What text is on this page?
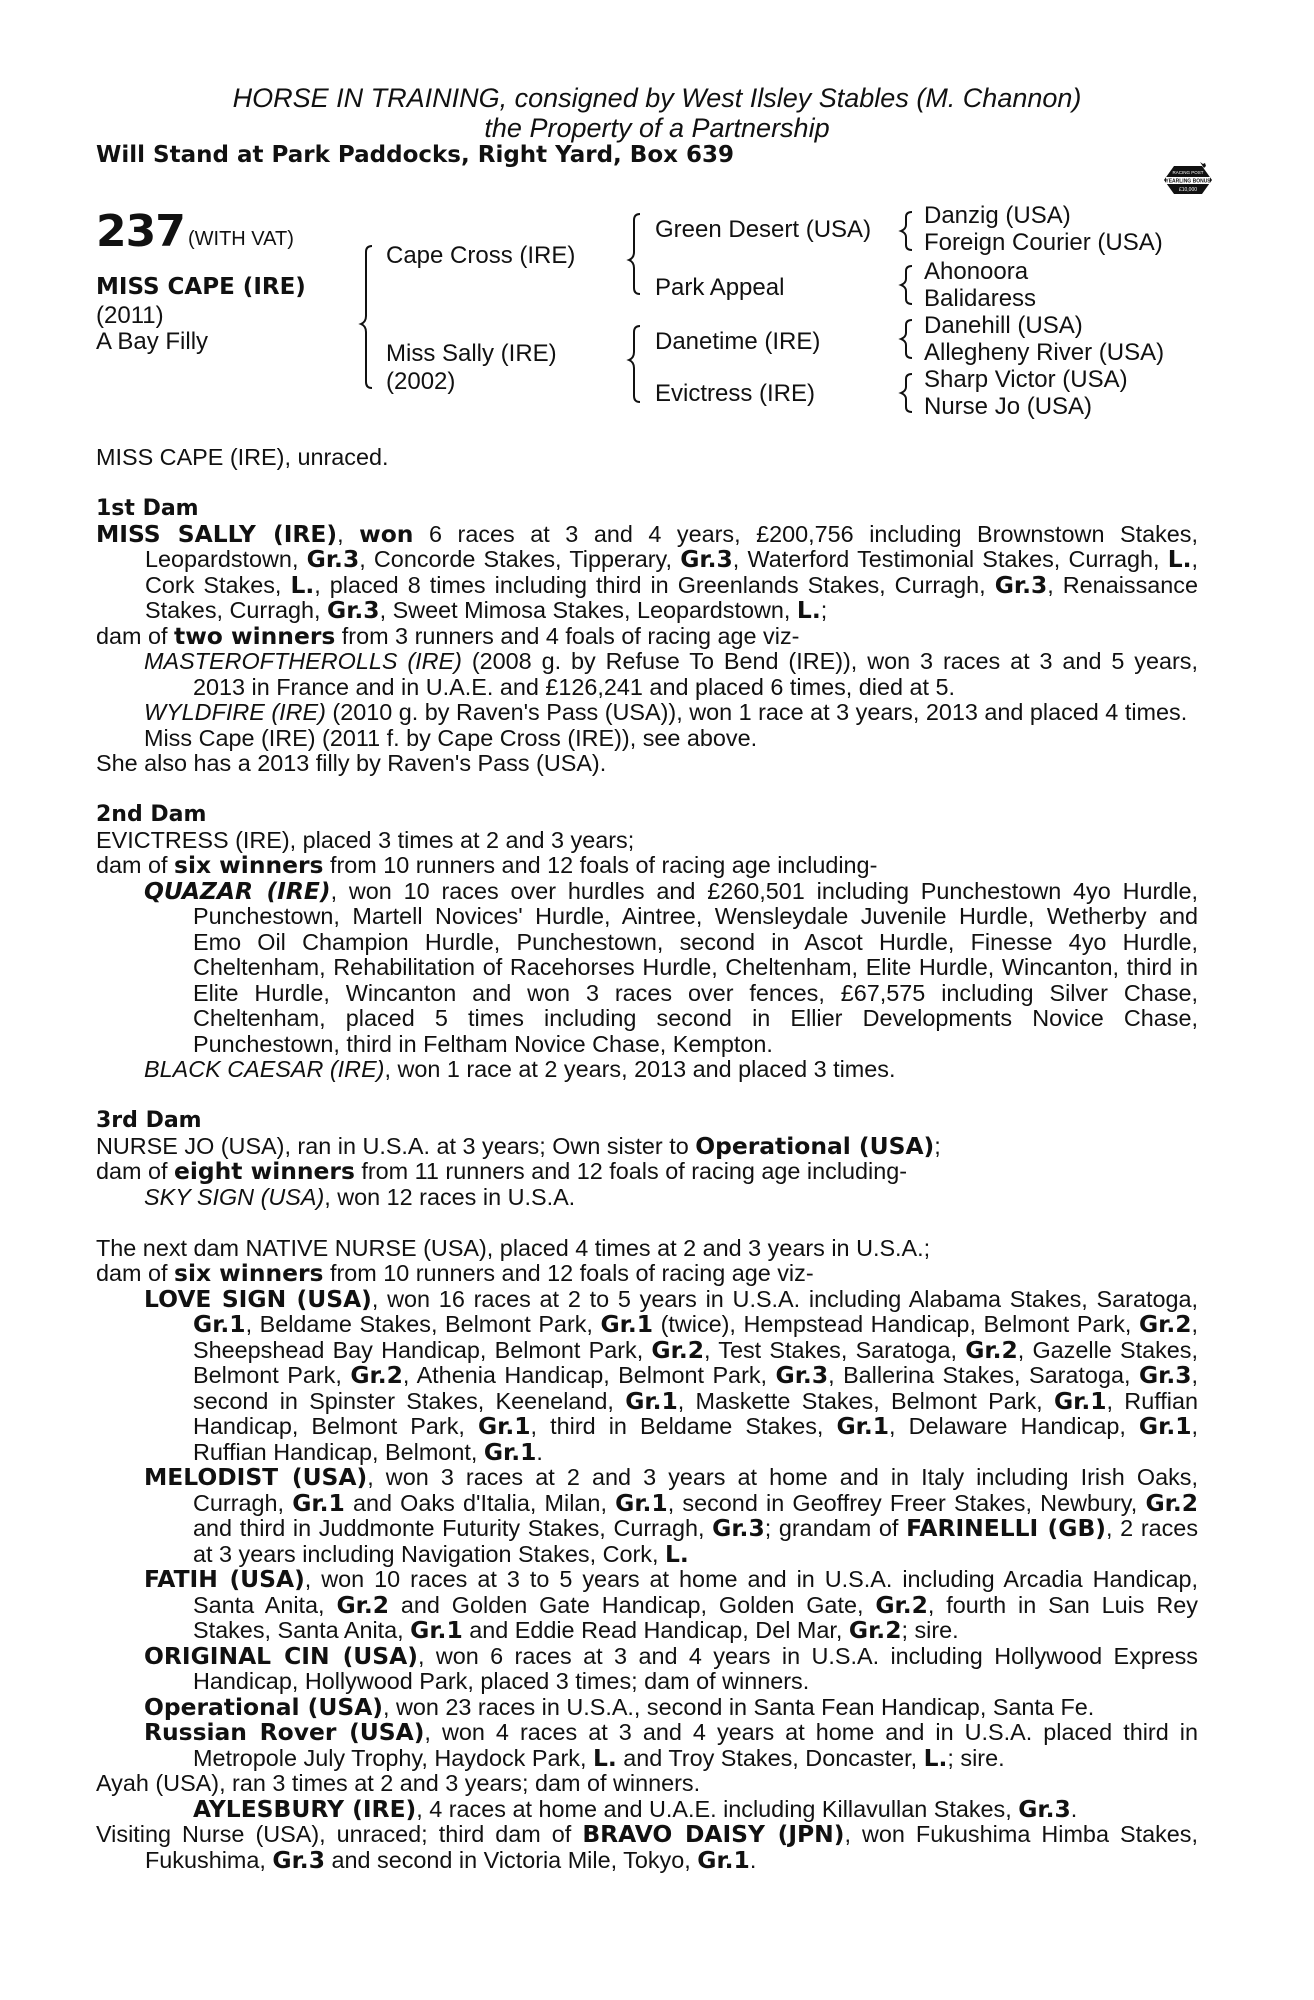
HORSE IN TRAINING, consigned by West Ilsley Stables (M. Channon)
the Property of a Partnership
Will Stand at Park Paddocks, Right Yard, Box 639
RACING POST
YEARLING BONUS
£10,000
237 (WITH VAT)
MISS CAPE (IRE)
(2011)
A Bay Filly
Cape Cross (IRE)
Miss Sally (IRE)
(2002)
Green Desert (USA)
Park Appeal
Danetime (IRE)
Evictress (IRE)
Danzig (USA)
Foreign Courier (USA)
Ahonoora
Balidaress
Danehill (USA)
Allegheny River (USA)
Sharp Victor (USA)
Nurse Jo (USA)

MISS CAPE (IRE), unraced.

1st Dam

MISS SALLY (IRE), won 6 races at 3 and 4 years, £200,756 including Brownstown Stakes, Leopardstown, Gr.3, Concorde Stakes, Tipperary, Gr.3, Waterford Testimonial Stakes, Curragh, L., Cork Stakes, L., placed 8 times including third in Greenlands Stakes, Curragh, Gr.3, Renaissance Stakes, Curragh, Gr.3, Sweet Mimosa Stakes, Leopardstown, L.;

dam of two winners from 3 runners and 4 foals of racing age viz-

MASTEROFTHEROLLS (IRE) (2008 g. by Refuse To Bend (IRE)), won 3 races at 3 and 5 years, 2013 in France and in U.A.E. and £126,241 and placed 6 times, died at 5.

WYLDFIRE (IRE) (2010 g. by Raven's Pass (USA)), won 1 race at 3 years, 2013 and placed 4 times.

Miss Cape (IRE) (2011 f. by Cape Cross (IRE)), see above.

She also has a 2013 filly by Raven's Pass (USA).

2nd Dam

EVICTRESS (IRE), placed 3 times at 2 and 3 years;

dam of six winners from 10 runners and 12 foals of racing age including-

QUAZAR (IRE), won 10 races over hurdles and £260,501 including Punchestown 4yo Hurdle, Punchestown, Martell Novices' Hurdle, Aintree, Wensleydale Juvenile Hurdle, Wetherby and Emo Oil Champion Hurdle, Punchestown, second in Ascot Hurdle, Finesse 4yo Hurdle, Cheltenham, Rehabilitation of Racehorses Hurdle, Cheltenham, Elite Hurdle, Wincanton, third in Elite Hurdle, Wincanton and won 3 races over fences, £67,575 including Silver Chase, Cheltenham, placed 5 times including second in Ellier Developments Novice Chase, Punchestown, third in Feltham Novice Chase, Kempton.

BLACK CAESAR (IRE), won 1 race at 2 years, 2013 and placed 3 times.

3rd Dam

NURSE JO (USA), ran in U.S.A. at 3 years; Own sister to Operational (USA);

dam of eight winners from 11 runners and 12 foals of racing age including-

SKY SIGN (USA), won 12 races in U.S.A.

The next dam NATIVE NURSE (USA), placed 4 times at 2 and 3 years in U.S.A.;

dam of six winners from 10 runners and 12 foals of racing age viz-

LOVE SIGN (USA), won 16 races at 2 to 5 years in U.S.A. including Alabama Stakes, Saratoga, Gr.1, Beldame Stakes, Belmont Park, Gr.1 (twice), Hempstead Handicap, Belmont Park, Gr.2, Sheepshead Bay Handicap, Belmont Park, Gr.2, Test Stakes, Saratoga, Gr.2, Gazelle Stakes, Belmont Park, Gr.2, Athenia Handicap, Belmont Park, Gr.3, Ballerina Stakes, Saratoga, Gr.3, second in Spinster Stakes, Keeneland, Gr.1, Maskette Stakes, Belmont Park, Gr.1, Ruffian Handicap, Belmont Park, Gr.1, third in Beldame Stakes, Gr.1, Delaware Handicap, Gr.1, Ruffian Handicap, Belmont, Gr.1.

MELODIST (USA), won 3 races at 2 and 3 years at home and in Italy including Irish Oaks, Curragh, Gr.1 and Oaks d'Italia, Milan, Gr.1, second in Geoffrey Freer Stakes, Newbury, Gr.2 and third in Juddmonte Futurity Stakes, Curragh, Gr.3; grandam of FARINELLI (GB), 2 races at 3 years including Navigation Stakes, Cork, L.

FATIH (USA), won 10 races at 3 to 5 years at home and in U.S.A. including Arcadia Handicap, Santa Anita, Gr.2 and Golden Gate Handicap, Golden Gate, Gr.2, fourth in San Luis Rey Stakes, Santa Anita, Gr.1 and Eddie Read Handicap, Del Mar, Gr.2; sire.

ORIGINAL CIN (USA), won 6 races at 3 and 4 years in U.S.A. including Hollywood Express Handicap, Hollywood Park, placed 3 times; dam of winners.

Operational (USA), won 23 races in U.S.A., second in Santa Fean Handicap, Santa Fe.

Russian Rover (USA), won 4 races at 3 and 4 years at home and in U.S.A. placed third in Metropole July Trophy, Haydock Park, L. and Troy Stakes, Doncaster, L.; sire.

Ayah (USA), ran 3 times at 2 and 3 years; dam of winners.

AYLESBURY (IRE), 4 races at home and U.A.E. including Killavullan Stakes, Gr.3.

Visiting Nurse (USA), unraced; third dam of BRAVO DAISY (JPN), won Fukushima Himba Stakes, Fukushima, Gr.3 and second in Victoria Mile, Tokyo, Gr.1.
